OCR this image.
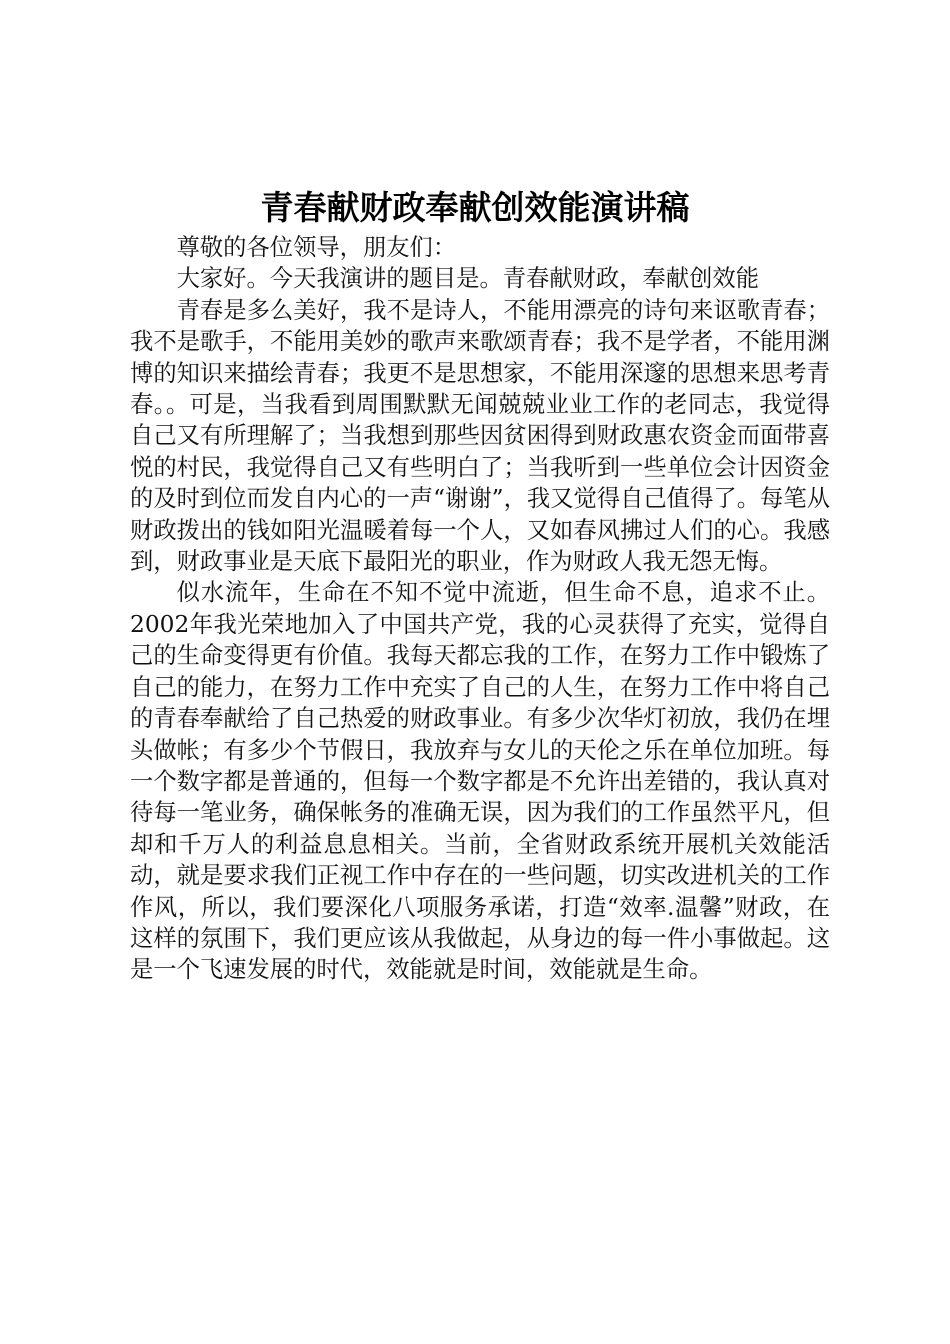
青春献财政奉献创效能演讲稿

尊敬的各位领导，朋友们：

大家好。今天我演讲的题目是。青春献财政，奉献创效能

青春是多么美好，我不是诗人，不能用漂亮的诗句来讴歌青春；我不是歌手，不能用美妙的歌声来歌颂青春；我不是学者，不能用渊博的知识来描绘青春；我更不是思想家，不能用深邃的思想来思考青春。。可是，当我看到周围默默无闻兢兢业业工作的老同志，我觉得自己又有所理解了；当我想到那些因贫困得到财政惠农资金而面带喜悦的村民，我觉得自己又有些明白了；当我听到一些单位会计因资金的及时到位而发自内心的一声“谢谢”，我又觉得自己值得了。每笔从财政拨出的钱如阳光温暖着每一个人，又如春风拂过人们的心。我感到，财政事业是天底下最阳光的职业，作为财政人我无怨无悔。

似水流年，生命在不知不觉中流逝，但生命不息，追求不止。2002年我光荣地加入了中国共产党，我的心灵获得了充实，觉得自己的生命变得更有价值。我每天都忘我的工作，在努力工作中锻炼了自己的能力，在努力工作中充实了自己的人生，在努力工作中将自己的青春奉献给了自己热爱的财政事业。有多少次华灯初放，我仍在埋头做帐；有多少个节假日，我放弃与女儿的天伦之乐在单位加班。每一个数字都是普通的，但每一个数字都是不允许出差错的，我认真对待每一笔业务，确保帐务的准确无误，因为我们的工作虽然平凡，但却和千万人的利益息息相关。当前，全省财政系统开展机关效能活动，就是要求我们正视工作中存在的一些问题，切实改进机关的工作作风，所以，我们要深化八项服务承诺，打造“效率.温馨”财政，在这样的氛围下，我们更应该从我做起，从身边的每一件小事做起。这是一个飞速发展的时代，效能就是时间，效能就是生命。
